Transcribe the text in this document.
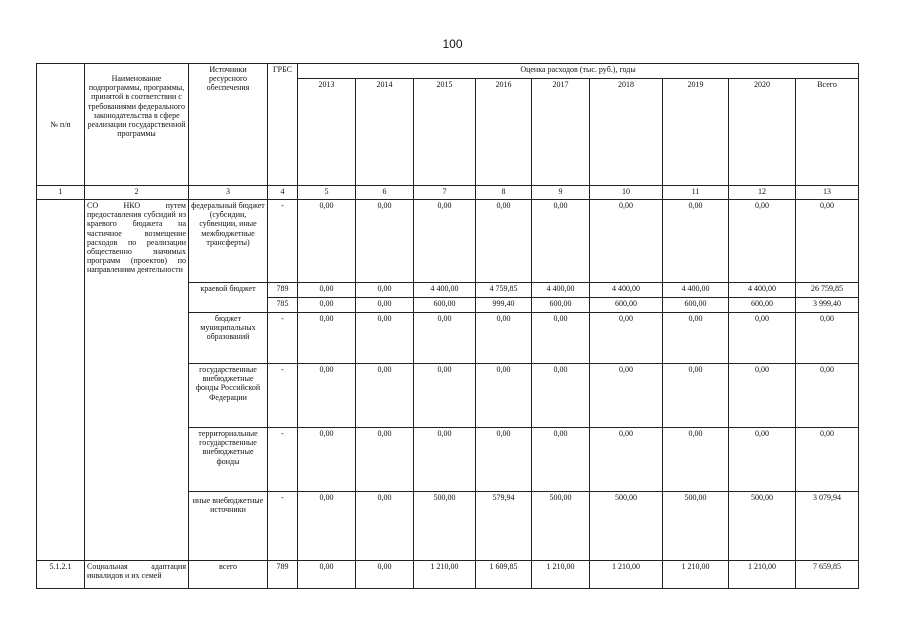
100
№ п/п	Наименование подпрограммы, программы, принятой в соответствии с требованиями федерального законодательства в сфере реализации государственной программы	Источники ресурсного обеспечения	ГРБС	Оценка расходов (тыс. руб.), годы								
				2013	2014	2015	2016	2017	2018	2019	2020	Всего
1	2	3	4	5	6	7	8	9	10	11	12	13
	СО НКО путем предоставления субсидий из краевого бюджета на частичное возмещение расходов по реализации общественно значимых программ (проектов) по направлениям деятельности	федеральный бюджет (субсидии, субвенции, иные межбюджетные трансферты)	-	0,00	0,00	0,00	0,00	0,00	0,00	0,00	0,00	0,00
		краевой бюджет	789	0,00	0,00	4 400,00	4 759,85	4 400,00	4 400,00	4 400,00	4 400,00	26 759,85
			785	0,00	0,00	600,00	999,40	600,00	600,00	600,00	600,00	3 999,40
		бюджет муниципальных образований	-	0,00	0,00	0,00	0,00	0,00	0,00	0,00	0,00	0,00
		государственные внебюджетные фонды Российской Федерации	-	0,00	0,00	0,00	0,00	0,00	0,00	0,00	0,00	0,00
		территориальные государственные внебюджетные фонды	-	0,00	0,00	0,00	0,00	0,00	0,00	0,00	0,00	0,00
		иные внебюджетные источники	-	0,00	0,00	500,00	579,94	500,00	500,00	500,00	500,00	3 079,94
5.1.2.1	Социальная адаптация инвалидов и их семей	всего	789	0,00	0,00	1 210,00	1 609,85	1 210,00	1 210,00	1 210,00	1 210,00	7 659,85
